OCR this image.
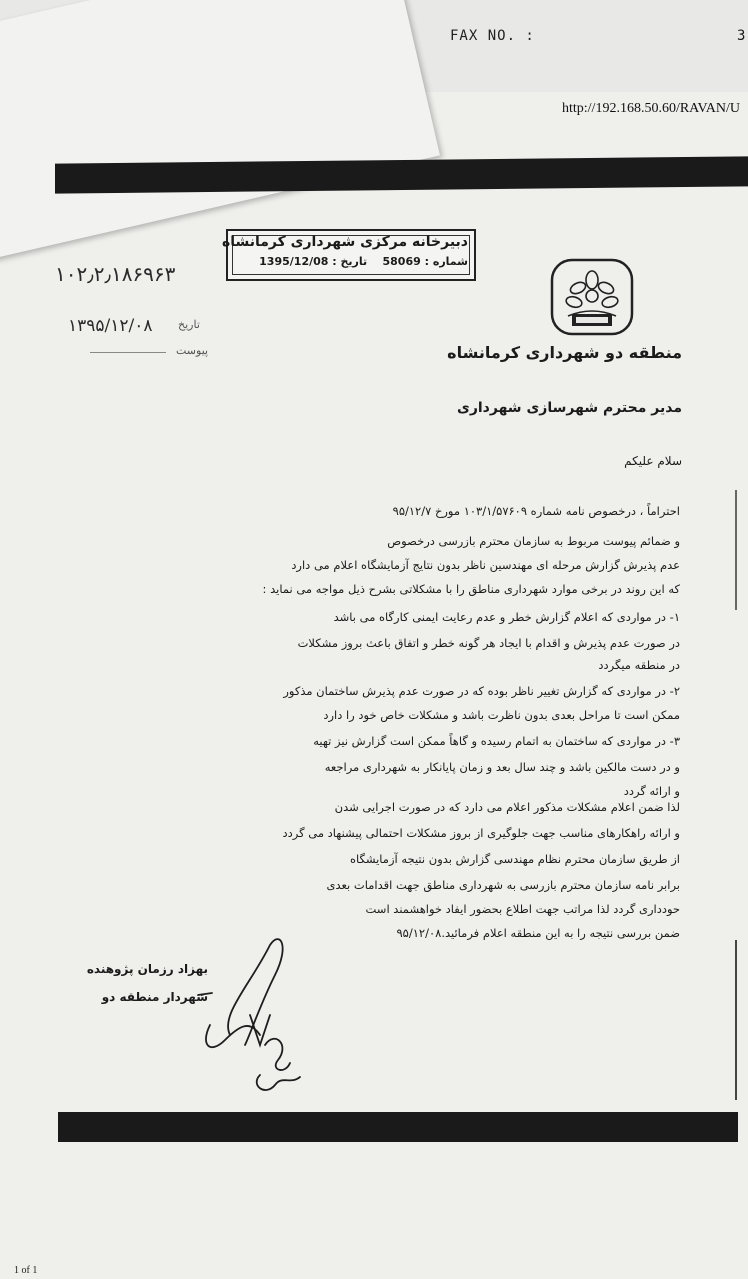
FAX NO. :	3
http://192.168.50.60/RAVAN/U
دبیرخانه مرکزی شهرداری کرمانشاه
شماره : 58069    تاریخ : 1395/12/08
۱۰۲٫۲٫۱۸۶۹۶۳
۱۳۹۵/۱۲/۰۸ تاریخ
پیوست	منطقه دو شهرداری کرمانشاه
مدیر محترم شهرسازی شهرداری
سلام علیکم
بهزاد رزمان پژوهنده
شهردار منطقه دو
1 of 1
